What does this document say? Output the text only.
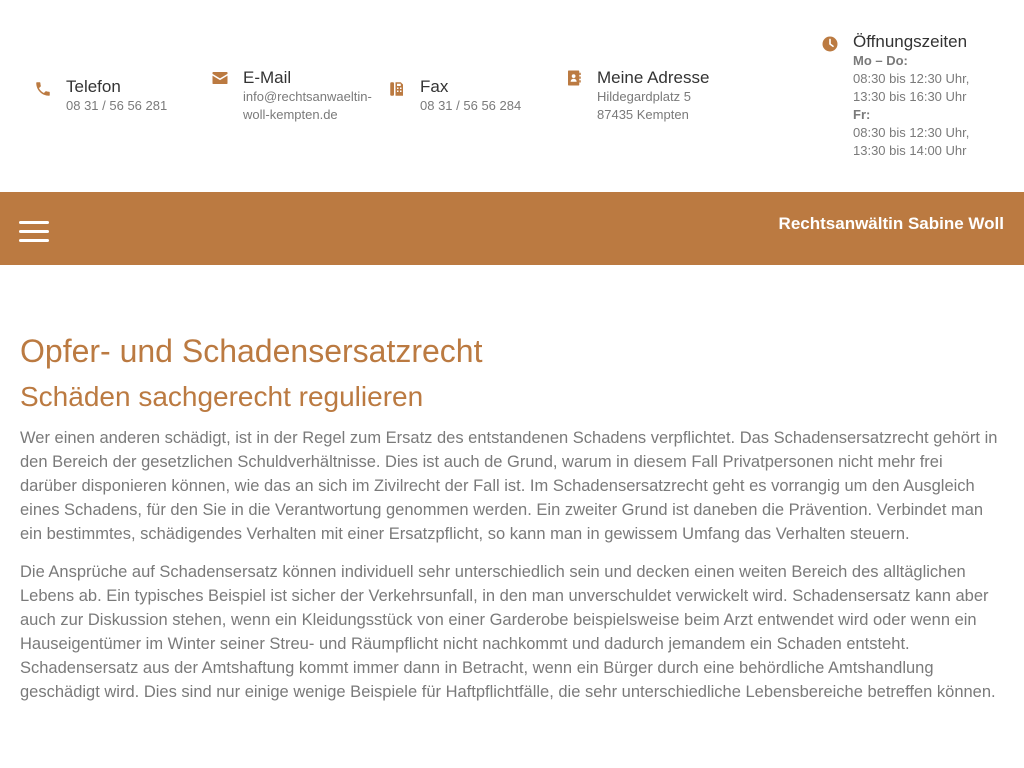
Telefon
08 31 / 56 56 281
E-Mail
info@rechtsanwaeltin-
woll-kempten.de
Fax
08 31 / 56 56 284
Meine Adresse
Hildegardplatz 5
87435 Kempten
Öffnungszeiten
Mo – Do:
08:30 bis 12:30 Uhr,
13:30 bis 16:30 Uhr
Fr:
08:30 bis 12:30 Uhr,
13:30 bis 14:00 Uhr
Rechtsanwältin Sabine Woll
Opfer- und Schadensersatzrecht
Schäden sachgerecht regulieren

Wer einen anderen schädigt, ist in der Regel zum Ersatz des entstandenen Schadens verpflichtet. Das Schadensersatzrecht gehört in den Bereich der gesetzlichen Schuldverhältnisse. Dies ist auch de Grund, warum in diesem Fall Privatpersonen nicht mehr frei darüber disponieren können, wie das an sich im Zivilrecht der Fall ist. Im Schadensersatzrecht geht es vorrangig um den Ausgleich eines Schadens, für den Sie in die Verantwortung genommen werden. Ein zweiter Grund ist daneben die Prävention. Verbindet man ein bestimmtes, schädigendes Verhalten mit einer Ersatzpflicht, so kann man in gewissem Umfang das Verhalten steuern.

Die Ansprüche auf Schadensersatz können individuell sehr unterschiedlich sein und decken einen weiten Bereich des alltäglichen Lebens ab. Ein typisches Beispiel ist sicher der Verkehrsunfall, in den man unverschuldet verwickelt wird. Schadensersatz kann aber auch zur Diskussion stehen, wenn ein Kleidungsstück von einer Garderobe beispielsweise beim Arzt entwendet wird oder wenn ein Hauseigentümer im Winter seiner Streu- und Räumpflicht nicht nachkommt und dadurch jemandem ein Schaden entsteht. Schadensersatz aus der Amtshaftung kommt immer dann in Betracht, wenn ein Bürger durch eine behördliche Amtshandlung geschädigt wird. Dies sind nur einige wenige Beispiele für Haftpflichtfälle, die sehr unterschiedliche Lebensbereiche betreffen können.
